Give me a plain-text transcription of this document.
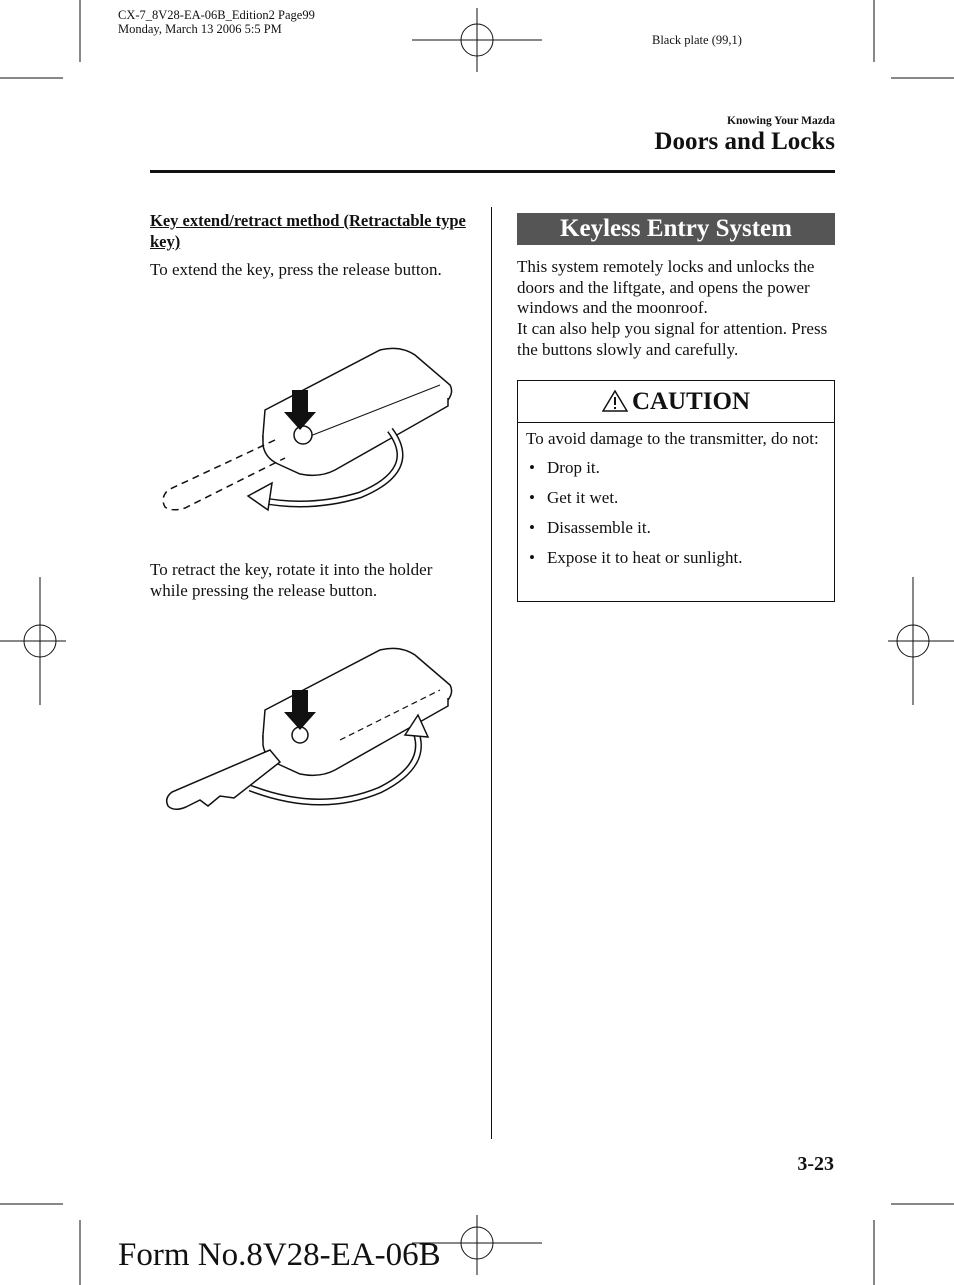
CX-7_8V28-EA-06B_Edition2 Page99
Monday, March 13 2006 5:5 PM
Black plate (99,1)
Knowing Your Mazda
Doors and Locks
Key extend/retract method (Retractable type key)
To extend the key, press the release button.
To retract the key, rotate it into the holder while pressing the release button.
Keyless Entry System
This system remotely locks and unlocks the doors and the liftgate, and opens the power windows and the moonroof.
It can also help you signal for attention. Press the buttons slowly and carefully.
CAUTION
To avoid damage to the transmitter, do not:
• Drop it.
• Get it wet.
• Disassemble it.
• Expose it to heat or sunlight.
3-23
Form No.8V28-EA-06B
